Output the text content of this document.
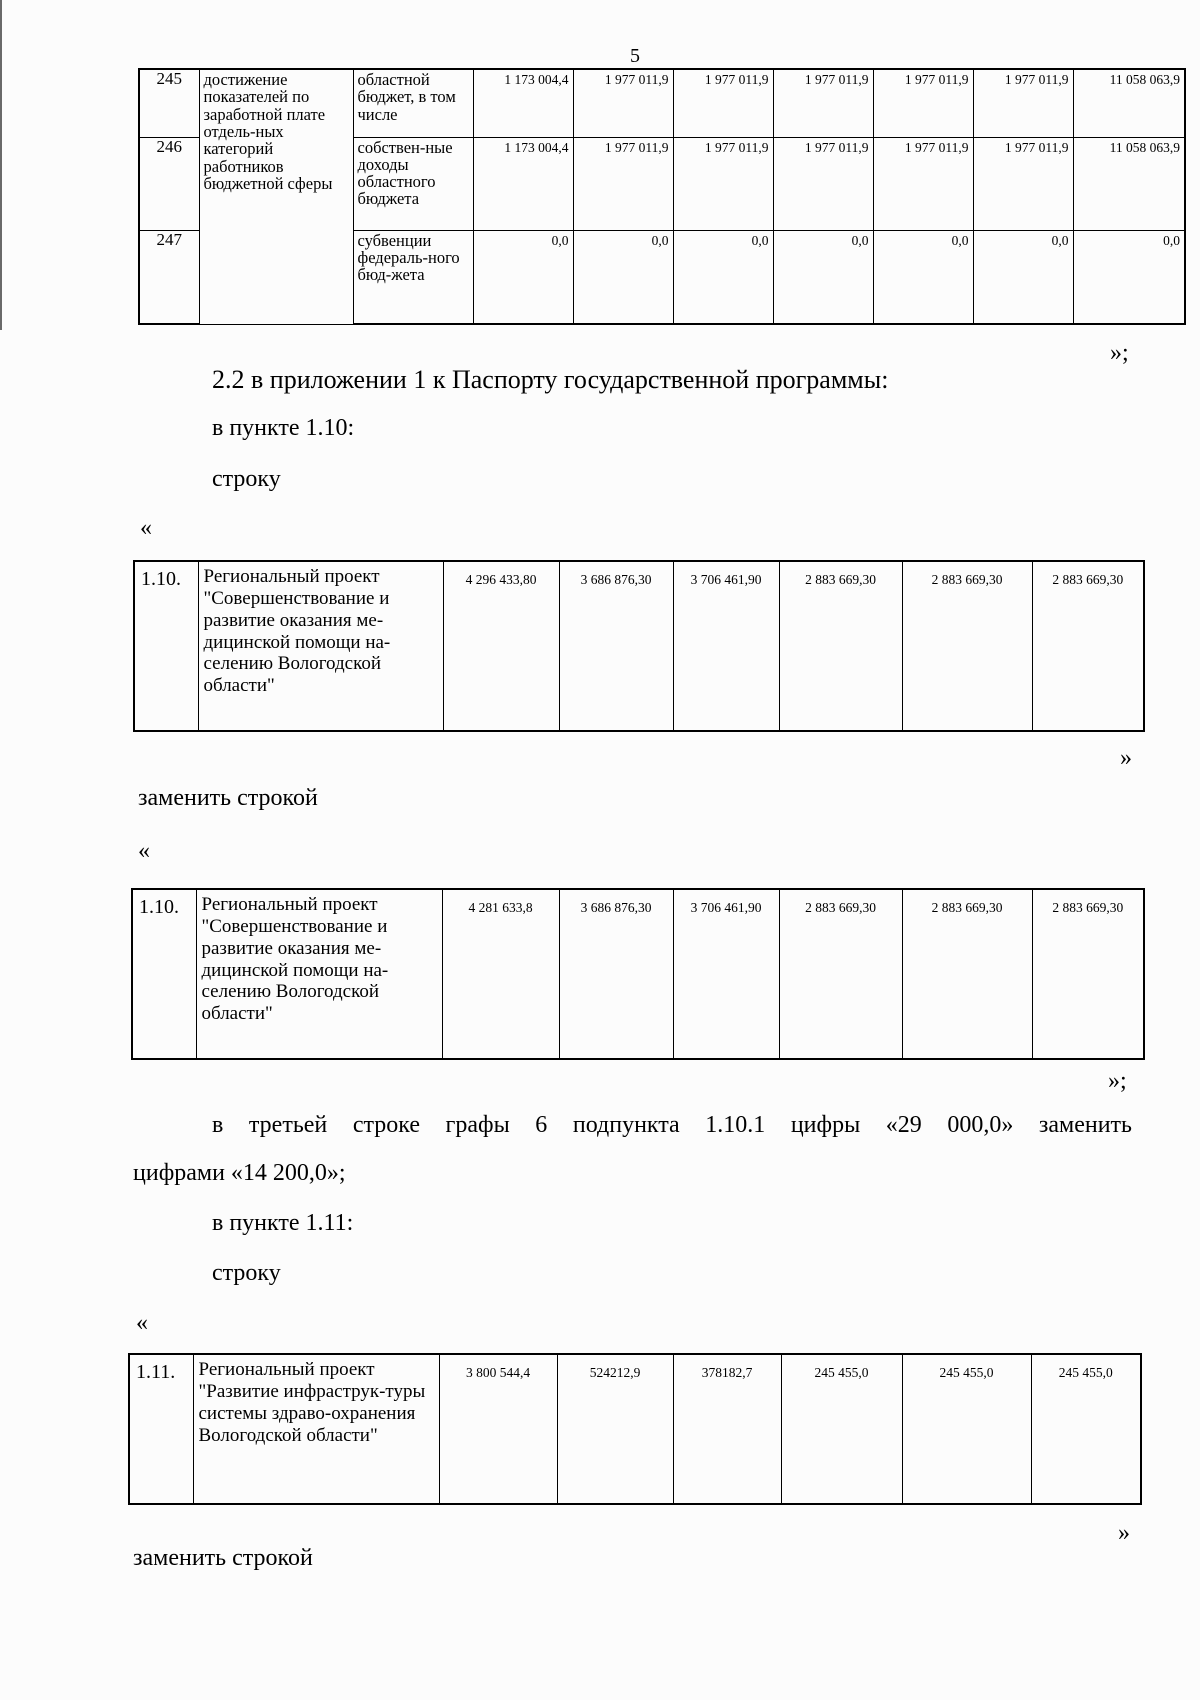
5
245	достижение показателей по заработной плате отдель-ных категорий работников бюджетной сферы	областной бюджет, в том числе	1 173 004,4	1 977 011,9	1 977 011,9	1 977 011,9	1 977 011,9	1 977 011,9	11 058 063,9
246		собствен-ные доходы областного бюджета	1 173 004,4	1 977 011,9	1 977 011,9	1 977 011,9	1 977 011,9	1 977 011,9	11 058 063,9
247		субвенции федераль-ного бюд-жета	0,0	0,0	0,0	0,0	0,0	0,0	0,0
»;
2.2 в приложении 1 к Паспорту государственной программы:
в пункте 1.10:
строку
«
1.10.	Региональный проект "Совершенствование и развитие оказания ме-дицинской помощи на-селению Вологодской области"	4 296 433,80	3 686 876,30	3 706 461,90	2 883 669,30	2 883 669,30	2 883 669,30
»
заменить строкой
«
1.10.	Региональный проект "Совершенствование и развитие оказания ме-дицинской помощи на-селению Вологодской области"	4 281 633,8	3 686 876,30	3 706 461,90	2 883 669,30	2 883 669,30	2 883 669,30
»;
в третьей строке графы 6 подпункта 1.10.1 цифры «29 000,0» заменить
цифрами «14 200,0»;
в пункте 1.11:
строку
«
1.11.	Региональный проект "Развитие инфраструк-туры системы здраво-охранения Вологодской области"	3 800 544,4	524212,9	378182,7	245 455,0	245 455,0	245 455,0
»
заменить строкой
